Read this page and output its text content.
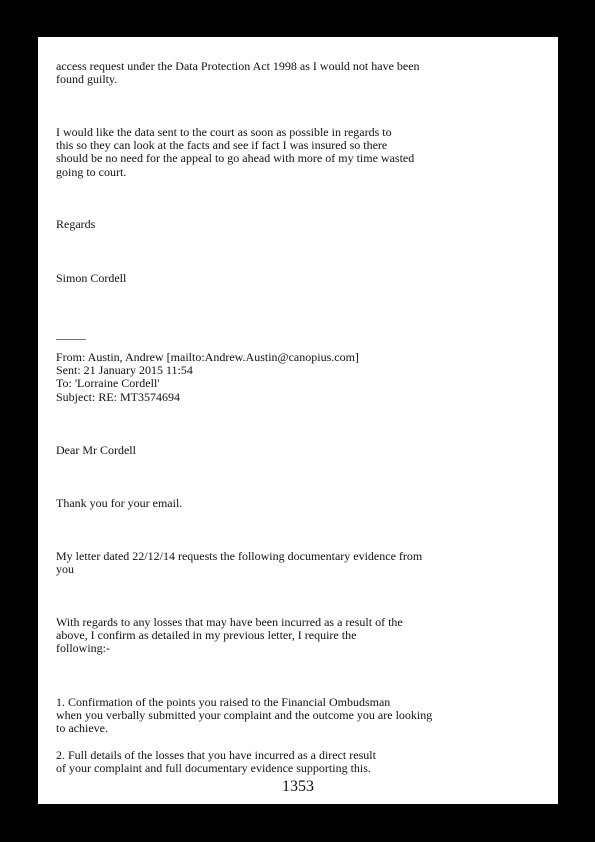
access request under the Data Protection Act 1998 as I would not have been
found guilty.
I would like the data sent to the court as soon as possible in regards to
this so they can look at the facts and see if fact I was insured so there
should be no need for the appeal to go ahead with more of my time wasted
going to court.
Regards
Simon Cordell
_____
From: Austin, Andrew [mailto:Andrew.Austin@canopius.com]
Sent: 21 January 2015 11:54
To: 'Lorraine Cordell'
Subject: RE: MT3574694
Dear Mr Cordell
Thank you for your email.
My letter dated 22/12/14 requests the following documentary evidence from
you
With regards to any losses that may have been incurred as a result of the
above, I confirm as detailed in my previous letter, I require the
following:-
1. Confirmation of the points you raised to the Financial Ombudsman
when you verbally submitted your complaint and the outcome you are looking
to achieve.
2. Full details of the losses that you have incurred as a direct result
of your complaint and full documentary evidence supporting this.
1353
